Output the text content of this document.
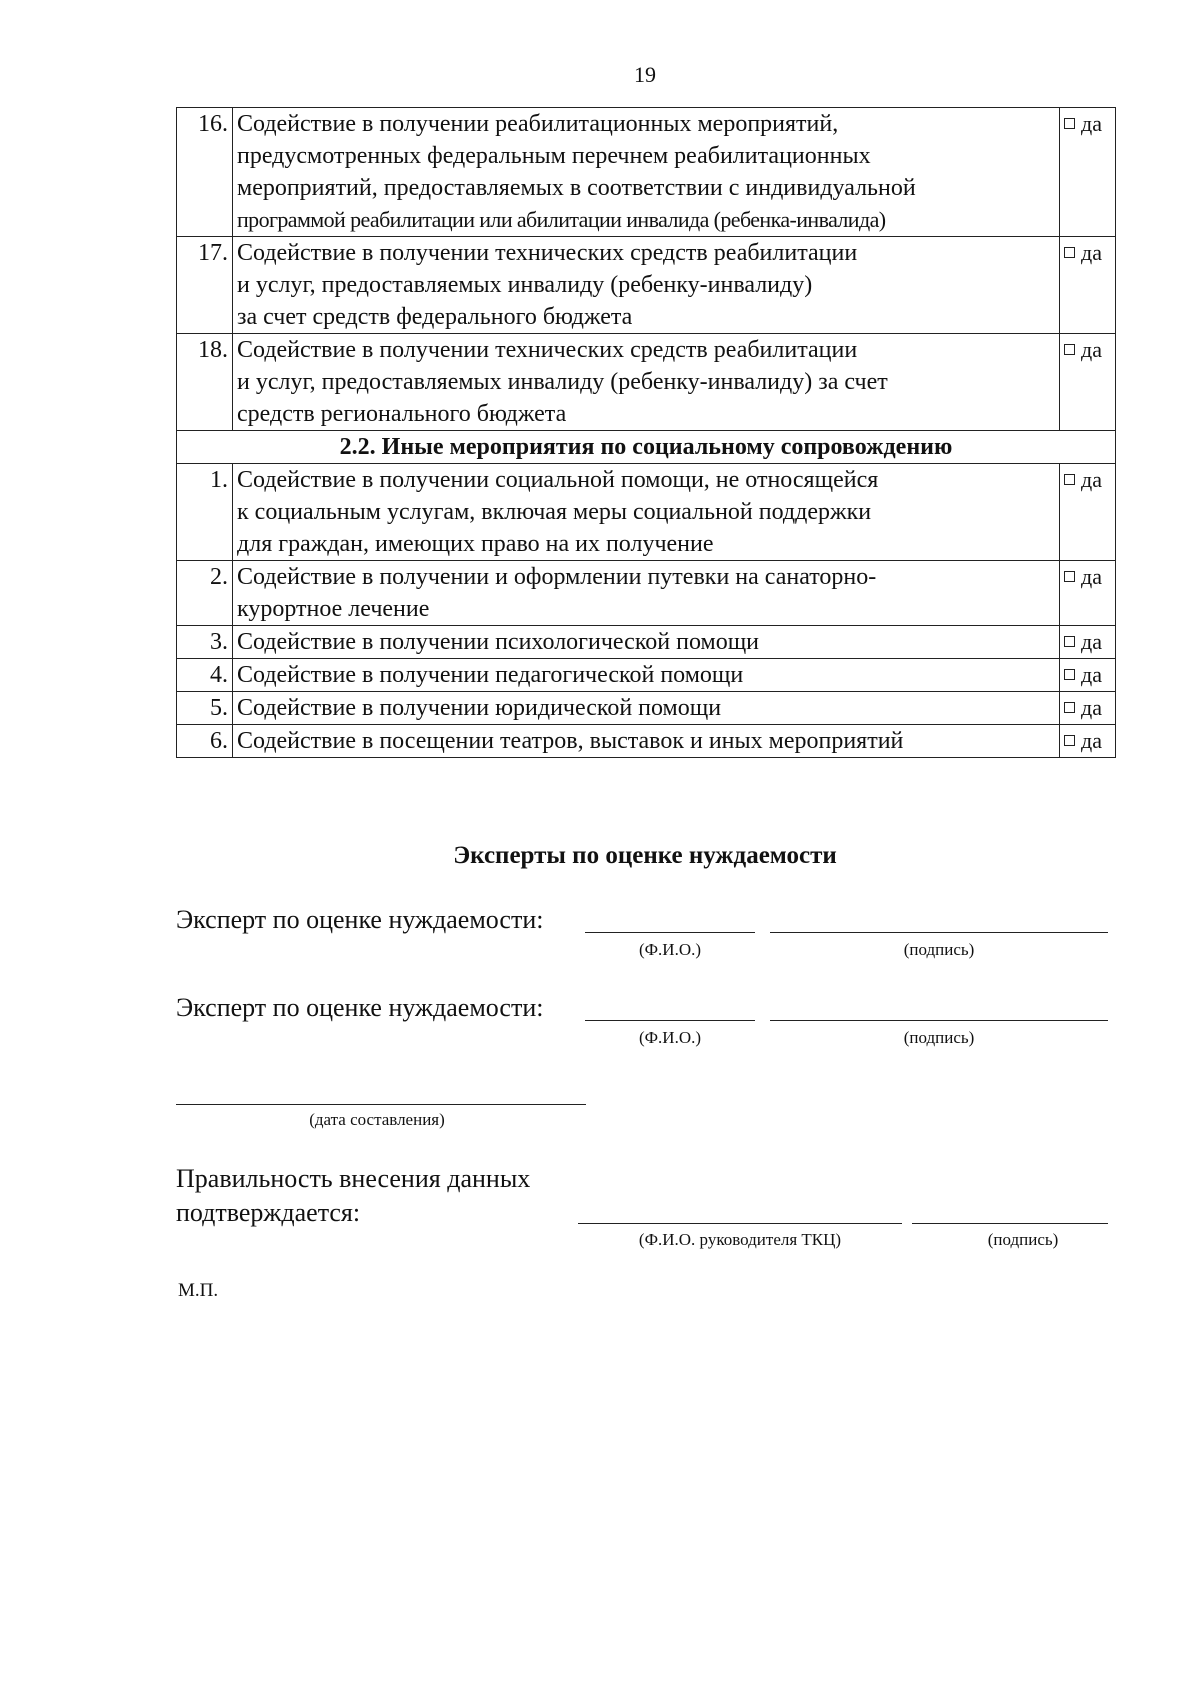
19
16.	Содействие в получении реабилитационных мероприятий,
предусмотренных федеральным перечнем реабилитационных
мероприятий, предоставляемых в соответствии с индивидуальной
программой реабилитации или абилитации инвалида (ребенка-инвалида)	да
17.	Содействие в получении технических средств реабилитации
и услуг, предоставляемых инвалиду (ребенку-инвалиду)
за счет средств федерального бюджета	да
18.	Содействие в получении технических средств реабилитации
и услуг, предоставляемых инвалиду (ребенку-инвалиду) за счет
средств регионального бюджета	да
2.2. Иные мероприятия по социальному сопровождению		
1.	Содействие в получении социальной помощи, не относящейся
к социальным услугам, включая меры социальной поддержки
для граждан, имеющих право на их получение	да
2.	Содействие в получении и оформлении путевки на санаторно-
курортное лечение	да
3.	Содействие в получении психологической помощи	да
4.	Содействие в получении педагогической помощи	да
5.	Содействие в получении юридической помощи	да
6.	Содействие в посещении театров, выставок и иных мероприятий	да
Эксперты по оценке нуждаемости
Эксперт по оценке нуждаемости:
(Ф.И.О.)	(подпись)
Эксперт по оценке нуждаемости:
(Ф.И.О.)	(подпись)
(дата составления)
Правильность внесения данных
подтверждается:
(Ф.И.О. руководителя ТКЦ)	(подпись)
М.П.
